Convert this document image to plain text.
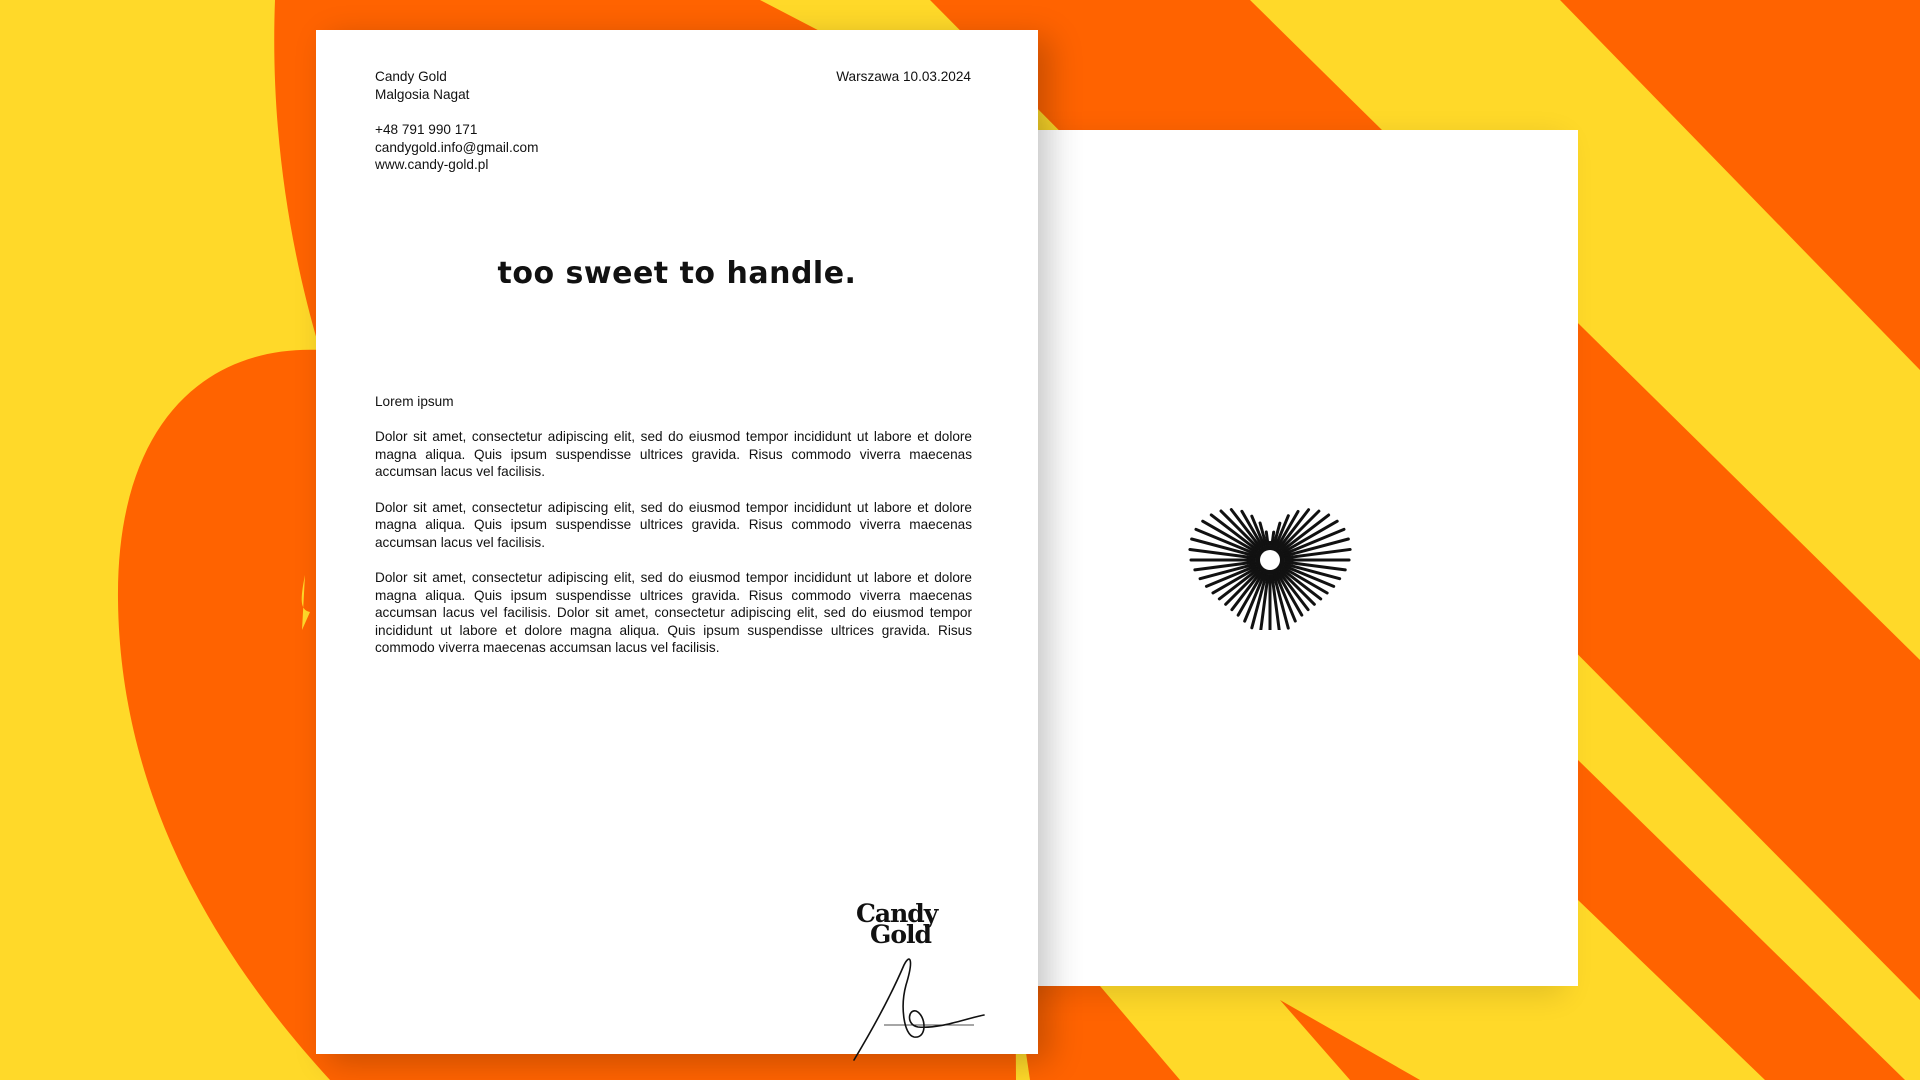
Candy Gold
Malgosia Nagat
+48 791 990 171
candygold.info@gmail.com
www.candy-gold.pl
Warszawa 10.03.2024
too sweet to handle.
Lorem ipsum

Dolor sit amet, consectetur adipiscing elit, sed do eiusmod tempor incididunt ut labore et dolore magna aliqua. Quis ipsum suspendisse ultrices gravida. Risus commodo viverra maecenas accumsan lacus vel facilisis.

Dolor sit amet, consectetur adipiscing elit, sed do eiusmod tempor incididunt ut labore et dolore magna aliqua. Quis ipsum suspendisse ultrices gravida. Risus commodo viverra maecenas accumsan lacus vel facilisis.

Dolor sit amet, consectetur adipiscing elit, sed do eiusmod tempor incididunt ut labore et dolore magna aliqua. Quis ipsum suspendisse ultrices gravida. Risus commodo viverra maecenas accumsan lacus vel facilisis. Dolor sit amet, consectetur adipiscing elit, sed do eiusmod tempor incididunt ut labore et dolore magna aliqua. Quis ipsum suspendisse ultrices gravida. Risus commodo viverra maecenas accumsan lacus vel facilisis.

Candy
Gold
